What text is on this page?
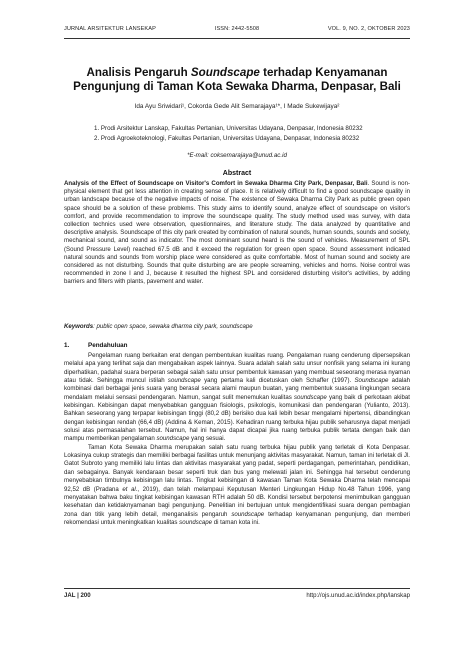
JURNAL ARSITEKTUR LANSEKAP	ISSN: 2442-5508	VOL. 9, NO. 2, OKTOBER 2023
Analisis Pengaruh Soundscape terhadap Kenyamanan
Pengunjung di Taman Kota Sewaka Dharma, Denpasar, Bali
Ida Ayu Sriwidari¹, Cokorda Gede Alit Semarajaya¹*, I Made Sukewijaya²
1. Prodi Arsitektur Lanskap, Fakultas Pertanian, Universitas Udayana, Denpasar, Indonesia 80232
2. Prodi Agroekoteknologi, Fakultas Pertanian, Universitas Udayana, Denpasar, Indonesia 80232
*E-mail: coksemarajaya@unud.ac.id
Abstract
Analysis of the Effect of Soundscape on Visitor's Comfort in Sewaka Dharma City Park, Denpasar, Bali. Sound is non-physical element that get less attention in creating sense of place. It is relatively difficult to find a good soundscape quality in urban landscape because of the negative impacts of noise. The existence of Sewaka Dharma City Park as public green open space should be a solution of these problems. This study aims to identify sound, analyze effect of soundscape on visitor's comfort, and provide recommendation to improve the soundscape quality. The study method used was survey, with data collection technics used were observation, questionnaires, and literature study. The data analyzed by quantitative and descriptive analysis. Soundscape of this city park created by combination of natural sounds, human sounds, sounds and society, mechanical sound, and sound as indicator. The most dominant sound heard is the sound of vehicles. Measurement of SPL (Sound Pressure Level) reached 67.5 dB and it exceed the regulation for green open space. Sound assessment indicated natural sounds and sounds from worship place were considered as quite comfortable. Most of human sound and society are considered as not disturbing. Sounds that quite disturbing are are people screaming, vehicles and horns. Noise control was recommended in zone I and J, because it resulted the highest SPL and considered disturbing visitor's activities, by adding barriers and filters with plants, pavement and water.
Keywords: public open space, sewaka dharma city park, soundscape
1.	Pendahuluan

Pengelaman ruang berkaitan erat dengan pembentukan kualitas ruang. Pengalaman ruang cenderung dipersepsikan melalui apa yang terlihat saja dan mengabaikan aspek lainnya. Suara adalah salah satu unsur nonfisik yang selama ini kurang diperhatikan, padahal suara berperan sebagai salah satu unsur pembentuk kawasan yang membuat seseorang merasa nyaman atau tidak. Sehingga muncul istilah soundscape yang pertama kali dicetuskan oleh Schaffer (1997). Soundscape adalah kombinasi dari berbagai jenis suara yang berasal secara alami maupun buatan, yang membentuk suasana lingkungan secara mendalam melalui sensasi pendengaran. Namun, sangat sulit menemukan kualitas soundscape yang baik di perkotaan akibat kebisingan. Kebisingan dapat menyebabkan gangguan fisiologis, psikologis, komunikasi dan pendengaran (Yulianto, 2013). Bahkan seseorang yang terpapar kebisingan tinggi (80,2 dB) berisiko dua kali lebih besar mengalami hipertensi, dibandingkan dengan kebisingan rendah (66,4 dB) (Addina & Keman, 2015). Kehadiran ruang terbuka hijau publik seharusnya dapat menjadi solusi atas permasalahan tersebut. Namun, hal ini hanya dapat dicapai jika ruang terbuka publik tertata dengan baik dan mampu memberikan pengalaman soundscape yang sesuai.

Taman Kota Sewaka Dharma merupakan salah satu ruang terbuka hijau publik yang terletak di Kota Denpasar. Lokasinya cukup strategis dan memiliki berbagai fasilitas untuk menunjang aktivitas masyarakat. Namun, taman ini terletak di Jl. Gatot Subroto yang memiliki lalu lintas dan aktivitas masyarakat yang padat, seperti perdagangan, pemerintahan, pendidikan, dan sebagainya. Banyak kendaraan besar seperti truk dan bus yang melewati jalan ini. Sehingga hal tersebut cenderung menyebabkan timbulnya kebisingan lalu lintas. Tingkat kebisingan di kawasan Taman Kota Sewaka Dharma telah mencapai 92,52 dB (Pradana et al., 2019), dan telah melampaui Keputusan Menteri Lingkungan Hidup No.48 Tahun 1996, yang menyatakan bahwa baku tingkat kebisingan kawasan RTH adalah 50 dB. Kondisi tersebut berpotensi menimbulkan gangguan kesehatan dan ketidaknyamanan bagi pengunjung. Penelitian ini bertujuan untuk mengidentifikasi suara dengan pembagian zona dan titik yang lebih detail, menganalisis pengaruh soundscape terhadap kenyamanan pengunjung, dan memberi rekomendasi untuk meningkatkan kualitas soundscape di taman kota ini.

JAL | 200	http://ojs.unud.ac.id/index.php/lanskap
